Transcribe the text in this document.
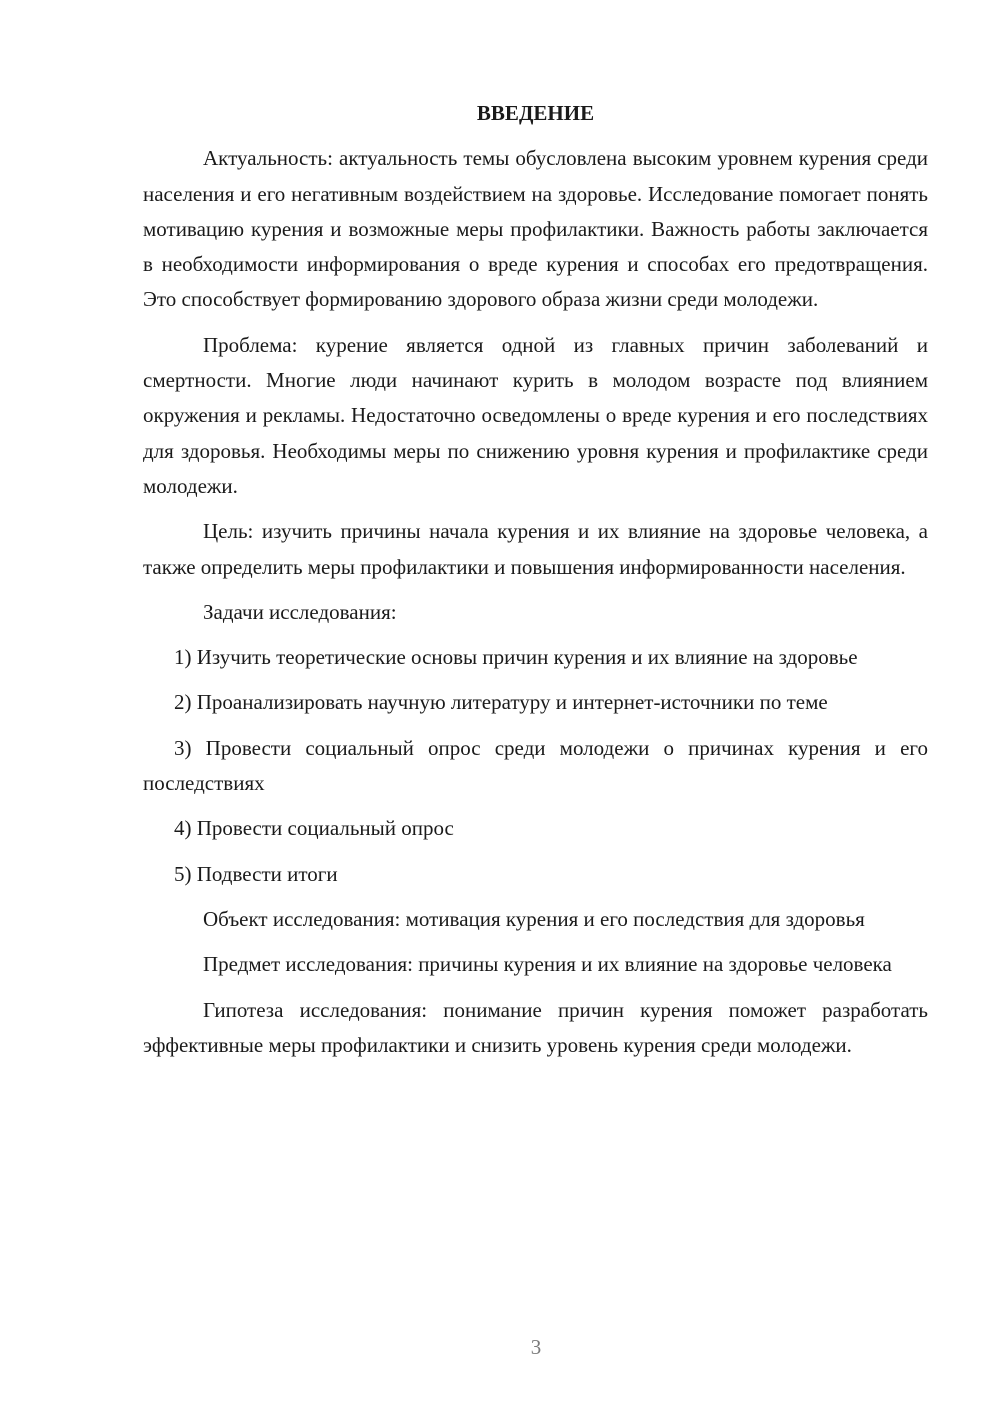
ВВЕДЕНИЕ

Актуальность: актуальность темы обусловлена высоким уровнем курения среди населения и его негативным воздействием на здоровье. Исследование помогает понять мотивацию курения и возможные меры профилактики. Важность работы заключается в необходимости информирования о вреде курения и способах его предотвращения. Это способствует формированию здорового образа жизни среди молодежи.

Проблема: курение является одной из главных причин заболеваний и смертности. Многие люди начинают курить в молодом возрасте под влиянием окружения и рекламы. Недостаточно осведомлены о вреде курения и его последствиях для здоровья. Необходимы меры по снижению уровня курения и профилактике среди молодежи.

Цель: изучить причины начала курения и их влияние на здоровье человека, а также определить меры профилактики и повышения информированности населения.

Задачи исследования:

1) Изучить теоретические основы причин курения и их влияние на здоровье

2) Проанализировать научную литературу и интернет-источники по теме

3) Провести социальный опрос среди молодежи о причинах курения и его последствиях

4) Провести социальный опрос

5) Подвести итоги

Объект исследования: мотивация курения и его последствия для здоровья

Предмет исследования: причины курения и их влияние на здоровье человека

Гипотеза исследования: понимание причин курения поможет разработать эффективные меры профилактики и снизить уровень курения среди молодежи.

3
